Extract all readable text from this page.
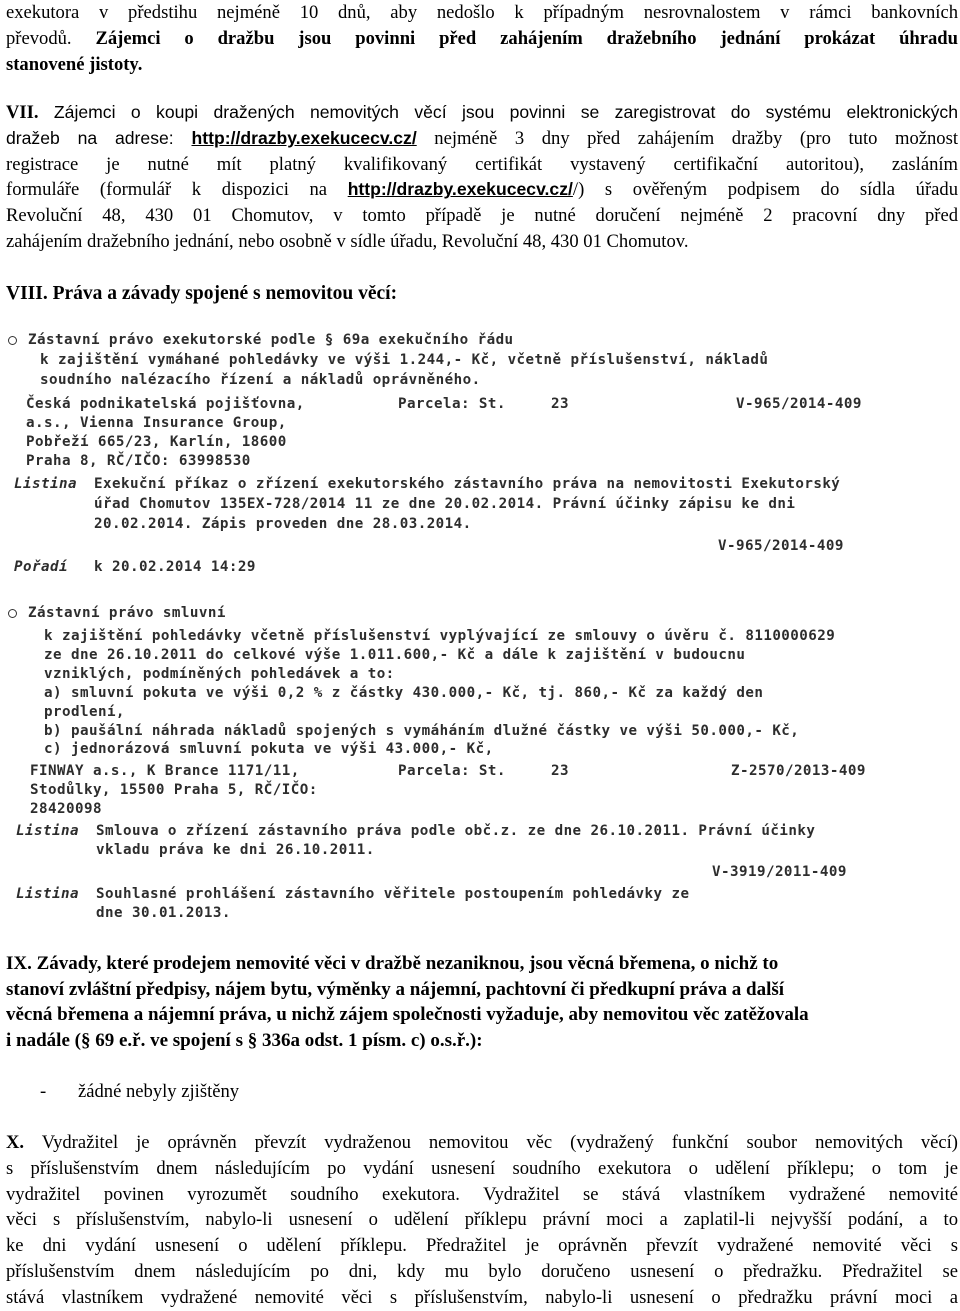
exekutora v předstihu nejméně 10 dnů, aby nedošlo k případným nesrovnalostem v rámci bankovních

převodů. Zájemci o dražbu jsou povinni před zahájením dražebního jednání prokázat úhradu

stanovené jistoty.

VII. Zájemci o koupi dražených nemovitých věcí jsou povinni se zaregistrovat do systému elektronických

dražeb na adrese: http://drazby.exekucecv.cz/ nejméně 3 dny před zahájením dražby (pro tuto možnost

registrace je nutné mít platný kvalifikovaný certifikát vystavený certifikační autoritou), zasláním

formuláře (formulář k dispozici na http://drazby.exekucecv.cz//) s ověřeným podpisem do sídla úřadu

Revoluční 48, 430 01 Chomutov, v tomto případě je nutné doručení nejméně 2 pracovní dny před

zahájením dražebního jednání, nebo osobně v sídle úřadu, Revoluční 48, 430 01 Chomutov.

VIII. Práva a závady spojené s nemovitou věcí:

Zástavní právo exekutorské podle § 69a exekučního řádu
k zajištění vymáhané pohledávky ve výši 1.244,- Kč, včetně příslušenství, nákladů
soudního nalézacího řízení a nákladů oprávněného.
Česká podnikatelská pojišťovna,
a.s., Vienna Insurance Group,
Pobřeží 665/23, Karlín, 18600
Praha 8, RČ/IČO: 63998530
Parcela: St.	23	V-965/2014-409
Listina Exekuční příkaz o zřízení exekutorského zástavního práva na nemovitosti Exekutorský
úřad Chomutov 135EX-728/2014 11 ze dne 20.02.2014. Právní účinky zápisu ke dni
20.02.2014. Zápis proveden dne 28.03.2014.
V-965/2014-409
Pořadí k 20.02.2014 14:29
Zástavní právo smluvní
k zajištění pohledávky včetně příslušenství vyplývající ze smlouvy o úvěru č. 8110000629
ze dne 26.10.2011 do celkové výše 1.011.600,- Kč a dále k zajištění v budoucnu
vzniklých, podmíněných pohledávek a to:
a) smluvní pokuta ve výši 0,2 % z částky 430.000,- Kč, tj. 860,- Kč za každý den
prodlení,
b) paušální náhrada nákladů spojených s vymáháním dlužné částky ve výši 50.000,- Kč,
c) jednorázová smluvní pokuta ve výši 43.000,- Kč,
FINWAY a.s., K Brance 1171/11,
Stodůlky, 15500 Praha 5, RČ/IČO:
28420098
Parcela: St.	23	Z-2570/2013-409
Listina Smlouva o zřízení zástavního práva podle obč.z. ze dne 26.10.2011. Právní účinky
vkladu práva ke dni 26.10.2011.
V-3919/2011-409
Listina Souhlasné prohlášení zástavního věřitele postoupením pohledávky ze
dne 30.01.2013.

IX. Závady, které prodejem nemovité věci v dražbě nezaniknou, jsou věcná břemena, o nichž to

stanoví zvláštní předpisy, nájem bytu, výměnky a nájemní, pachtovní či předkupní práva a další

věcná břemena a nájemní práva, u nichž zájem společnosti vyžaduje, aby nemovitou věc zatěžovala

i nadále (§ 69 e.ř. ve spojení s § 336a odst. 1 písm. c) o.s.ř.):

- žádné nebyly zjištěny

X. Vydražitel je oprávněn převzít vydraženou nemovitou věc (vydražený funkční soubor nemovitých věcí)

s příslušenstvím dnem následujícím po vydání usnesení soudního exekutora o udělení příklepu; o tom je

vydražitel povinen vyrozumět soudního exekutora. Vydražitel se stává vlastníkem vydražené nemovité

věci s příslušenstvím, nabylo-li usnesení o udělení příklepu právní moci a zaplatil-li nejvyšší podání, a to

ke dni vydání usnesení o udělení příklepu. Předražitel je oprávněn převzít vydražené nemovité věci s

příslušenstvím dnem následujícím po dni, kdy mu bylo doručeno usnesení o předražku. Předražitel se

stává vlastníkem vydražené nemovité věci s příslušenstvím, nabylo-li usnesení o předražku právní moci a
